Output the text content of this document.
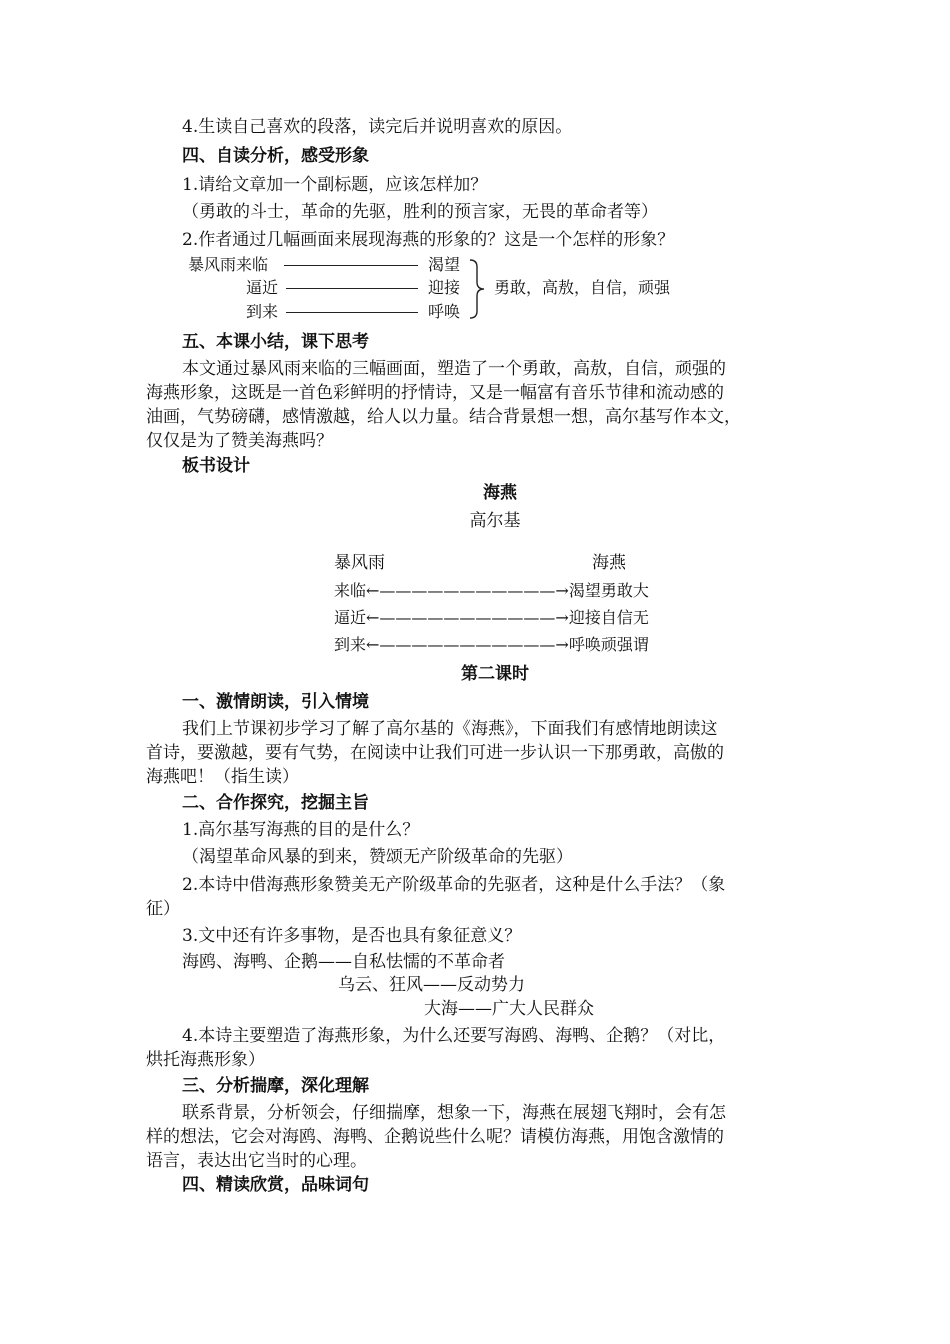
4.生读自己喜欢的段落，读完后并说明喜欢的原因。
四、自读分析，感受形象
1.请给文章加一个副标题，应该怎样加？
（勇敢的斗士，革命的先驱，胜利的预言家，无畏的革命者等）
2.作者通过几幅画面来展现海燕的形象的？这是一个怎样的形象？
暴风雨来临
逼近
到来
渴望
迎接
呼唤
勇敢，高敖，自信，顽强
五、本课小结，课下思考
本文通过暴风雨来临的三幅画面，塑造了一个勇敢，高敖，自信，顽强的
海燕形象，这既是一首色彩鲜明的抒情诗，又是一幅富有音乐节律和流动感的
油画，气势磅礴，感情激越，给人以力量。结合背景想一想，高尔基写作本文，
仅仅是为了赞美海燕吗？
板书设计
海燕
高尔基
暴风雨	海燕
来临←———————————→渴望勇敢大
逼近←———————————→迎接自信无
到来←———————————→呼唤顽强谓
第二课时
一、激情朗读，引入情境
我们上节课初步学习了解了高尔基的《海燕》，下面我们有感情地朗读这
首诗，要激越，要有气势，在阅读中让我们可进一步认识一下那勇敢，高傲的
海燕吧！（指生读）
二、合作探究，挖掘主旨
1.高尔基写海燕的目的是什么？
（渴望革命风暴的到来，赞颂无产阶级革命的先驱）
2.本诗中借海燕形象赞美无产阶级革命的先驱者，这种是什么手法？（象
征）
3.文中还有许多事物，是否也具有象征意义？
海鸥、海鸭、企鹅——自私怯懦的不革命者
乌云、狂风——反动势力
大海——广大人民群众
4.本诗主要塑造了海燕形象，为什么还要写海鸥、海鸭、企鹅？（对比，
烘托海燕形象）
三、分析揣摩，深化理解
联系背景，分析领会，仔细揣摩，想象一下，海燕在展翅飞翔时，会有怎
样的想法，它会对海鸥、海鸭、企鹅说些什么呢？请模仿海燕，用饱含激情的
语言，表达出它当时的心理。
四、精读欣赏，品味词句
